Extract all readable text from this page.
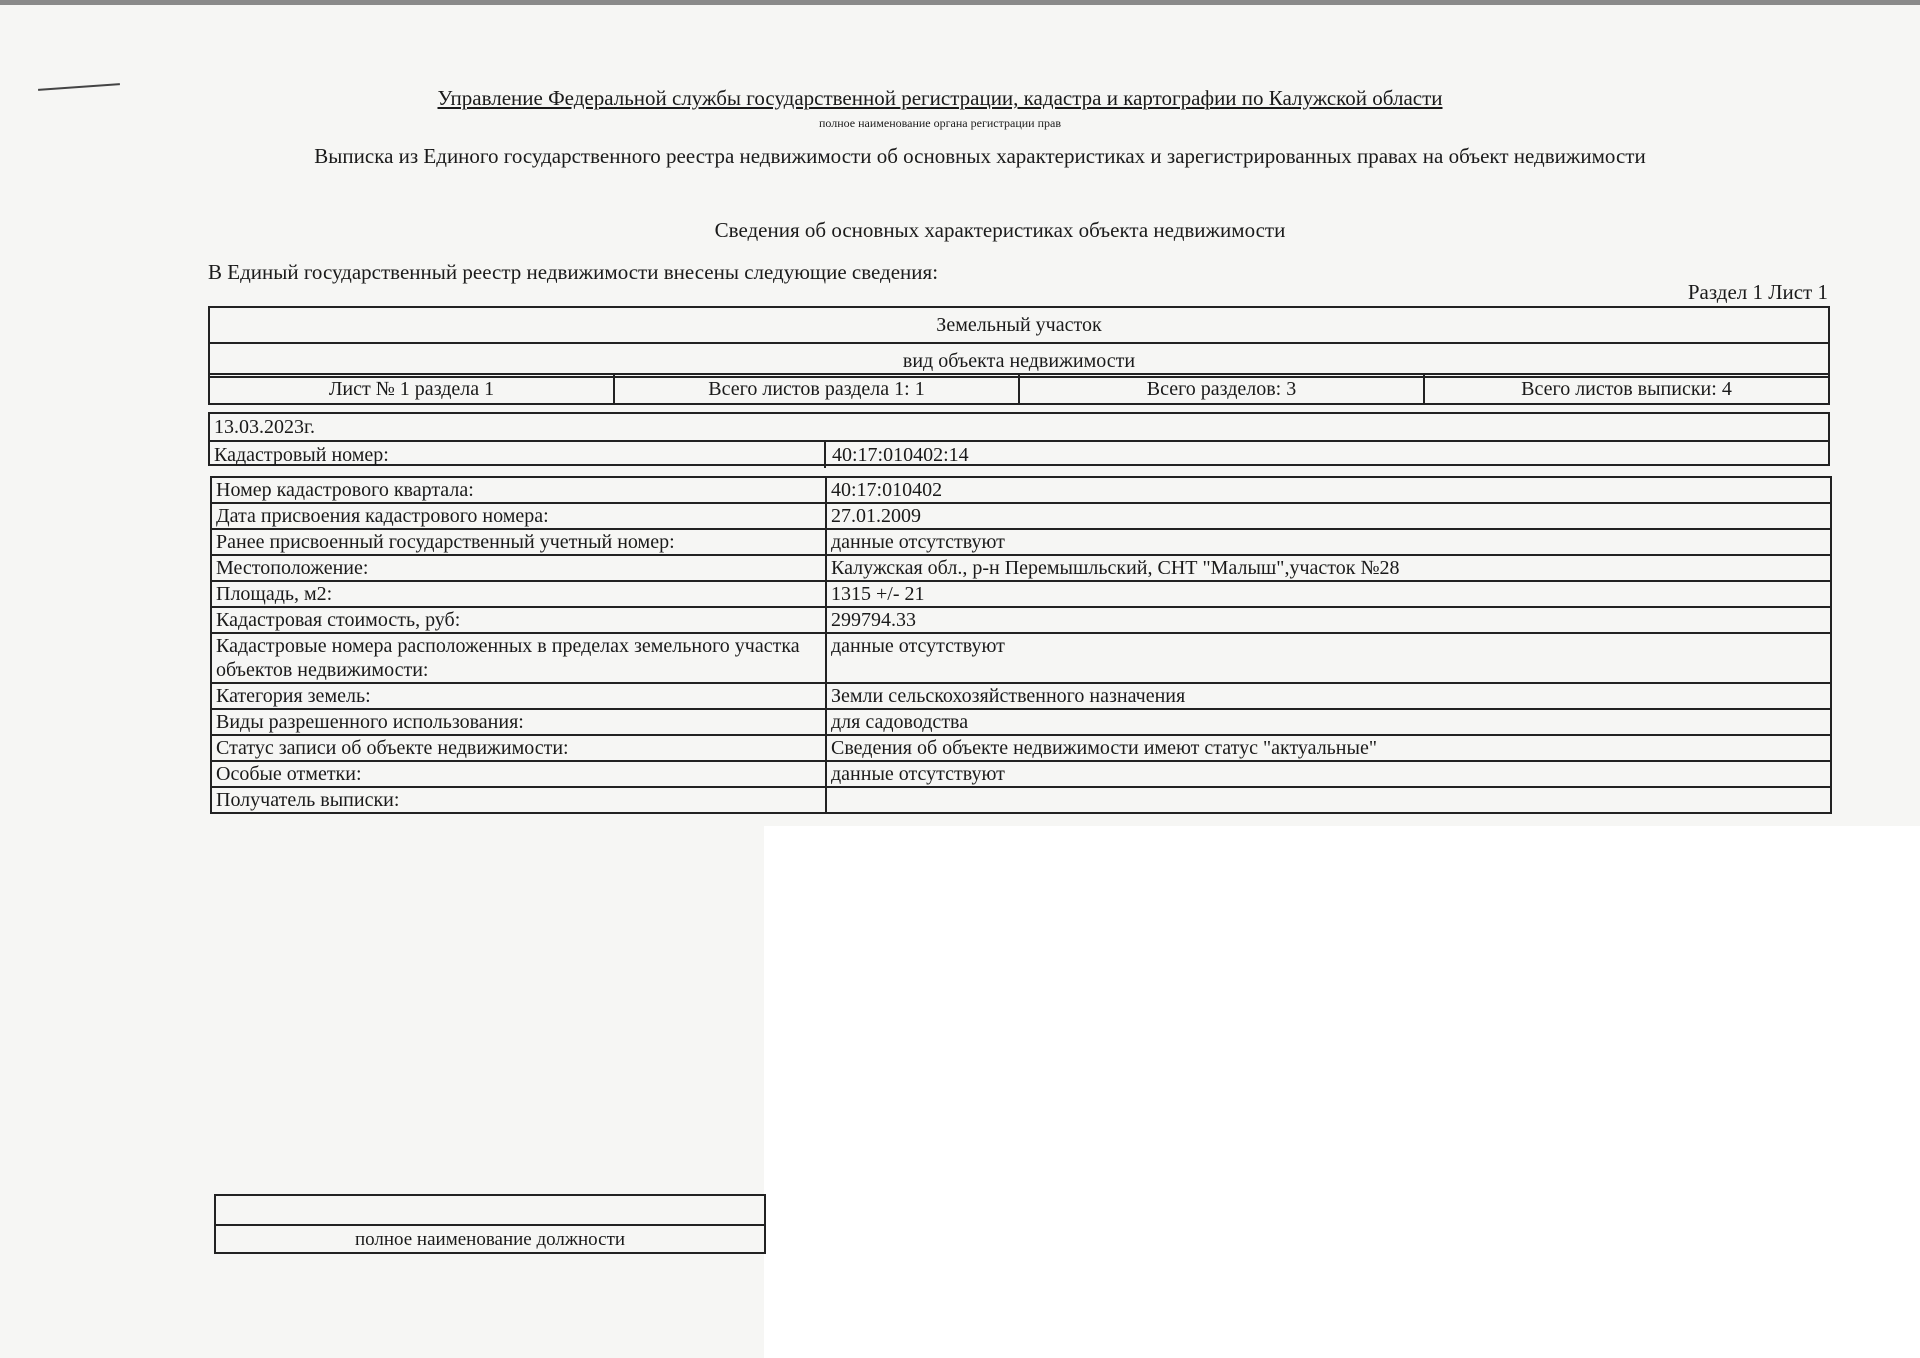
Управление Федеральной службы государственной регистрации, кадастра и картографии по Калужской области
полное наименование органа регистрации прав
Выписка из Единого государственного реестра недвижимости об основных характеристиках и зарегистрированных правах на объект недвижимости
Сведения об основных характеристиках объекта недвижимости
В Единый государственный реестр недвижимости внесены следующие сведения:
Раздел 1 Лист 1
Земельный участок
вид объекта недвижимости
Лист № 1 раздела 1	Всего листов раздела 1: 1	Всего разделов: 3	Всего листов выписки: 4
13.03.2023г.
Кадастровый номер:	40:17:010402:14
Номер кадастрового квартала:	40:17:010402
Дата присвоения кадастрового номера:	27.01.2009
Ранее присвоенный государственный учетный номер:	данные отсутствуют
Местоположение:	Калужская обл., р-н Перемышльский, СНТ "Малыш",участок №28
Площадь, м2:	1315 +/- 21
Кадастровая стоимость, руб:	299794.33
Кадастровые номера расположенных в пределах земельного участка объектов недвижимости:	данные отсутствуют
Категория земель:	Земли сельскохозяйственного назначения
Виды разрешенного использования:	для садоводства
Статус записи об объекте недвижимости:	Сведения об объекте недвижимости имеют статус "актуальные"
Особые отметки:	данные отсутствуют
Получатель выписки:	
полное наименование должности
